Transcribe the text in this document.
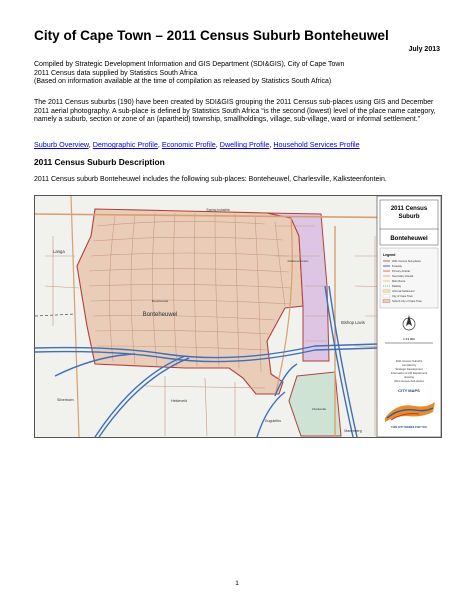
City of Cape Town – 2011 Census Suburb Bonteheuwel
July 2013
Compiled by Strategic Development Information and GIS Department (SDI&GIS), City of Cape Town
2011 Census data supplied by Statistics South Africa
(Based on information available at the time of compilation as released by Statistics South Africa)

The 2011 Census suburbs (190) have been created by SDI&GIS grouping the 2011 Census sub-places using GIS and December 2011 aerial photography. A sub-place is defined by Statistics South Africa “is the second (lowest) level of the place name category, namely a suburb, section or zone of an (apartheid) township, smallholdings, village, sub-village, ward or informal settlement.”

Suburb Overview, Demographic Profile, Economic Profile, Dwelling Profile, Household Services Profile
2011 Census Suburb Description

2011 Census suburb Bonteheuwel includes the following sub-places: Bonteheuwel, Charlesville, Kalksteenfontein.

2011 Census
Suburb
Bonteheuwel
Legend
2011 Census Sub-places
Freeway
Primary Arterial
Secondary Arterial
Main Route
Railway
Informal Settlement
City of Cape Town
Suburb City of Cape Town
1:13 000
2011 Census Suburbs
compiled by
Strategic Development
Information & GIS Department
showing
2011 Census Sub-places
CITY MAPS
THIS CITY WORKS FOR YOU
Bonteheuwel
Bonteheuwel
Epping Industria
Langa
Kalksteenfontein
Bishop Lavis
Silvertown	Heideveld
Charlesville
Gugulethu
Manenberg
1
